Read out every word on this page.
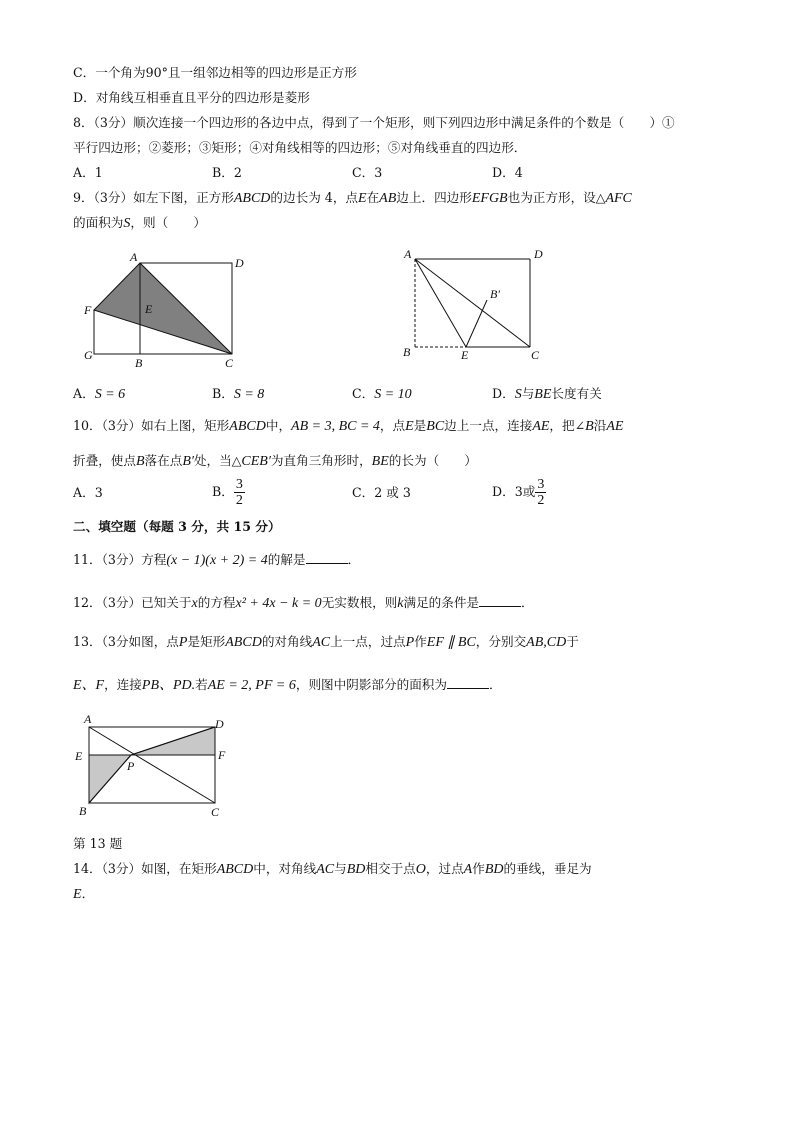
C．一个角为90°且一组邻边相等的四边形是正方形
D．对角线互相垂直且平分的四边形是菱形
8．（3分）顺次连接一个四边形的各边中点，得到了一个矩形，则下列四边形中满足条件的个数是（　　）①
平行四边形；②菱形；③矩形；④对角线相等的四边形；⑤对角线垂直的四边形．
A．1	B．2	C．3	D．4
9．（3分）如左下图，正方形ABCD的边长为 4，点E在AB边上．四边形EFGB也为正方形，设△AFC
的面积为S，则（　　）
A	D
F	E
G
B	C
A	D
B′
B	E	C
A．S = 6	B．S = 8	C．S = 10	D．S与BE长度有关
10．（3分）如右上图，矩形ABCD中，AB = 3, BC = 4，点E是BC边上一点，连接AE，把∠B沿AE
折叠，使点B落在点B′处，当△CEB′为直角三角形时，BE的长为（　　）
A．3	B． $\frac{3}{2}$	C．2 或 3	D．3或 $\frac{3}{2}$
二、填空题（每题 3 分，共 15 分）
11．（3分）方程(x − 1)(x + 2) = 4的解是	．
12．（3分）已知关于x的方程x² + 4x − k = 0无实数根，则k满足的条件是	．
13．（3分如图，点P是矩形ABCD的对角线AC上一点，过点P作EF ∥ BC，分别交AB,CD于
E、F，连接PB、PD.若AE = 2, PF = 6，则图中阴影部分的面积为	．
A	D
E	F
P
B	C
第 13 题
14．（3分）如图，在矩形ABCD中，对角线AC与BD相交于点O，过点A作BD的垂线，垂足为
E．
